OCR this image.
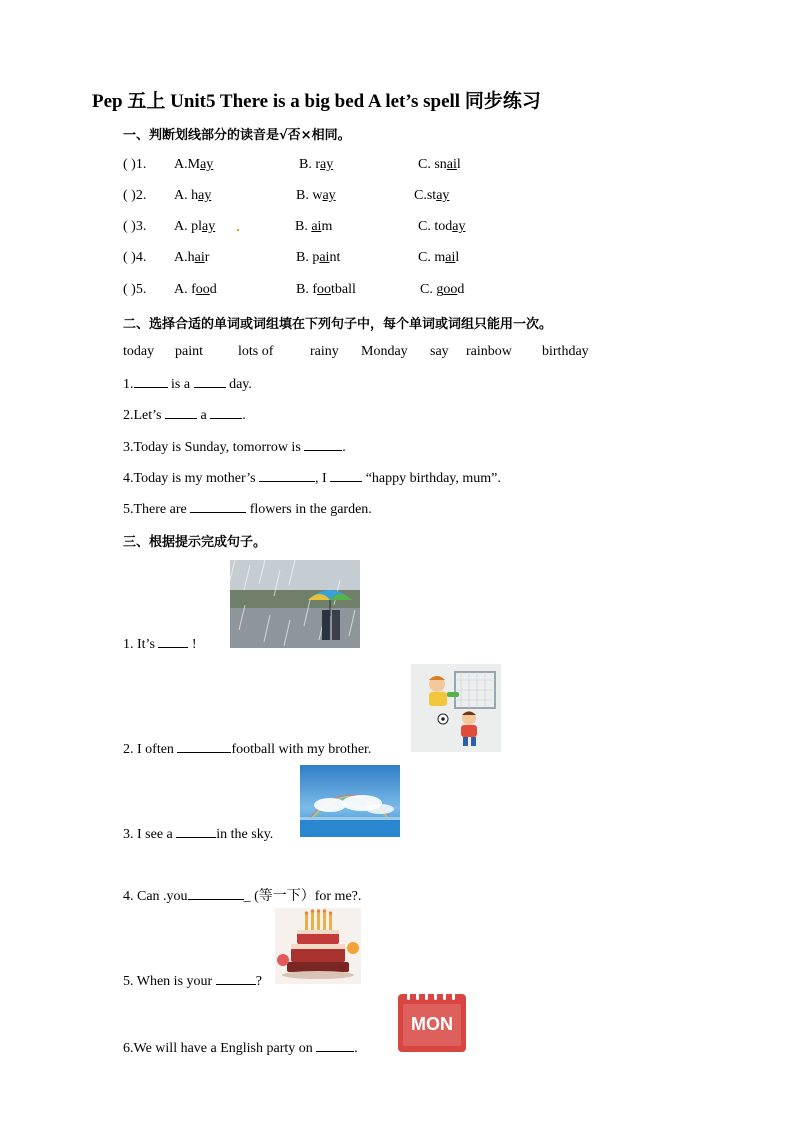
Pep 五上 Unit5 There is a big bed A let’s spell 同步练习
一、判断划线部分的读音是√否×相同。
( )1. A.May	B. ray	C. snail
( )2. A. hay	B. way	C.stay
( )3. A. play	B. aim	C. today
( )4. A.hair	B. paint	C. mail
( )5. A. food	B. football	C. good
二、选择合适的单词或词组填在下列句子中，每个单词或词组只能用一次。
today paint	lots of	rainy Monday say rainbow birthday
1. is a  day.
2.Let’s  a .
3.Today is Sunday, tomorrow is	.
4.Today is my mother’s	, I  “happy birthday, mum”.
5.There are	flowers in the garden.
三、根据提示完成句子。
1. It’s  !
2. I often	football with my brother.
3. I see a	in the sky.
4. Can .you	_ (等一下）for me?.
5. When is your	?
MON
6.We will have a English party on	.
